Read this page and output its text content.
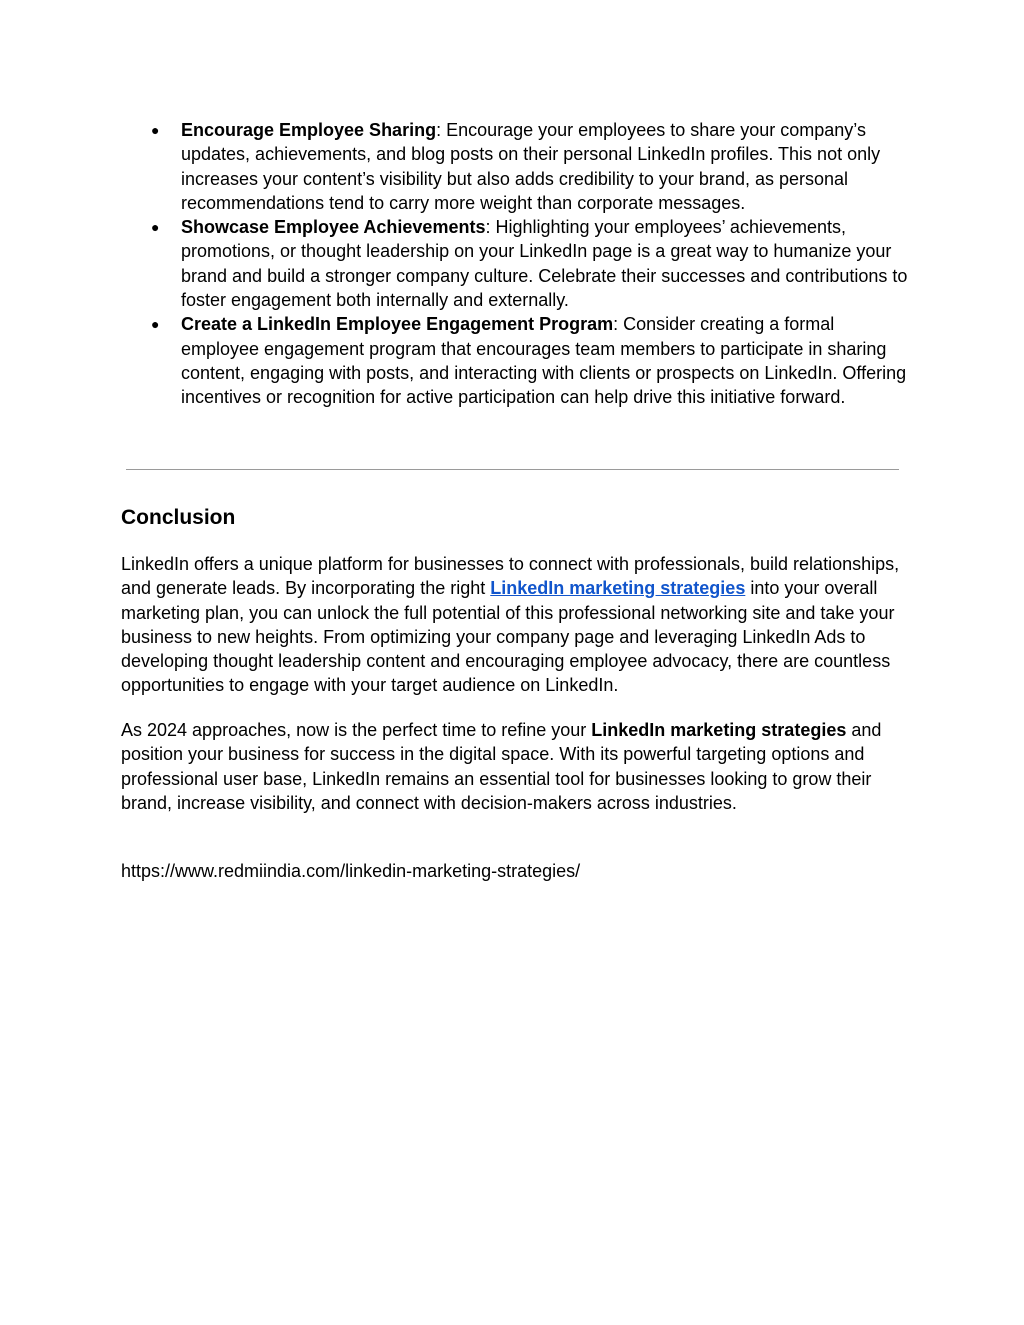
● Encourage Employee Sharing: Encourage your employees to share your company’s updates, achievements, and blog posts on their personal LinkedIn profiles. This not only increases your content’s visibility but also adds credibility to your brand, as personal recommendations tend to carry more weight than corporate messages.
● Showcase Employee Achievements: Highlighting your employees’ achievements, promotions, or thought leadership on your LinkedIn page is a great way to humanize your brand and build a stronger company culture. Celebrate their successes and contributions to foster engagement both internally and externally.
● Create a LinkedIn Employee Engagement Program: Consider creating a formal employee engagement program that encourages team members to participate in sharing content, engaging with posts, and interacting with clients or prospects on LinkedIn. Offering incentives or recognition for active participation can help drive this initiative forward.
Conclusion

LinkedIn offers a unique platform for businesses to connect with professionals, build relationships, and generate leads. By incorporating the right LinkedIn marketing strategies into your overall marketing plan, you can unlock the full potential of this professional networking site and take your business to new heights. From optimizing your company page and leveraging LinkedIn Ads to developing thought leadership content and encouraging employee advocacy, there are countless opportunities to engage with your target audience on LinkedIn.

As 2024 approaches, now is the perfect time to refine your LinkedIn marketing strategies and position your business for success in the digital space. With its powerful targeting options and professional user base, LinkedIn remains an essential tool for businesses looking to grow their brand, increase visibility, and connect with decision-makers across industries.

https://www.redmiindia.com/linkedin-marketing-strategies/
